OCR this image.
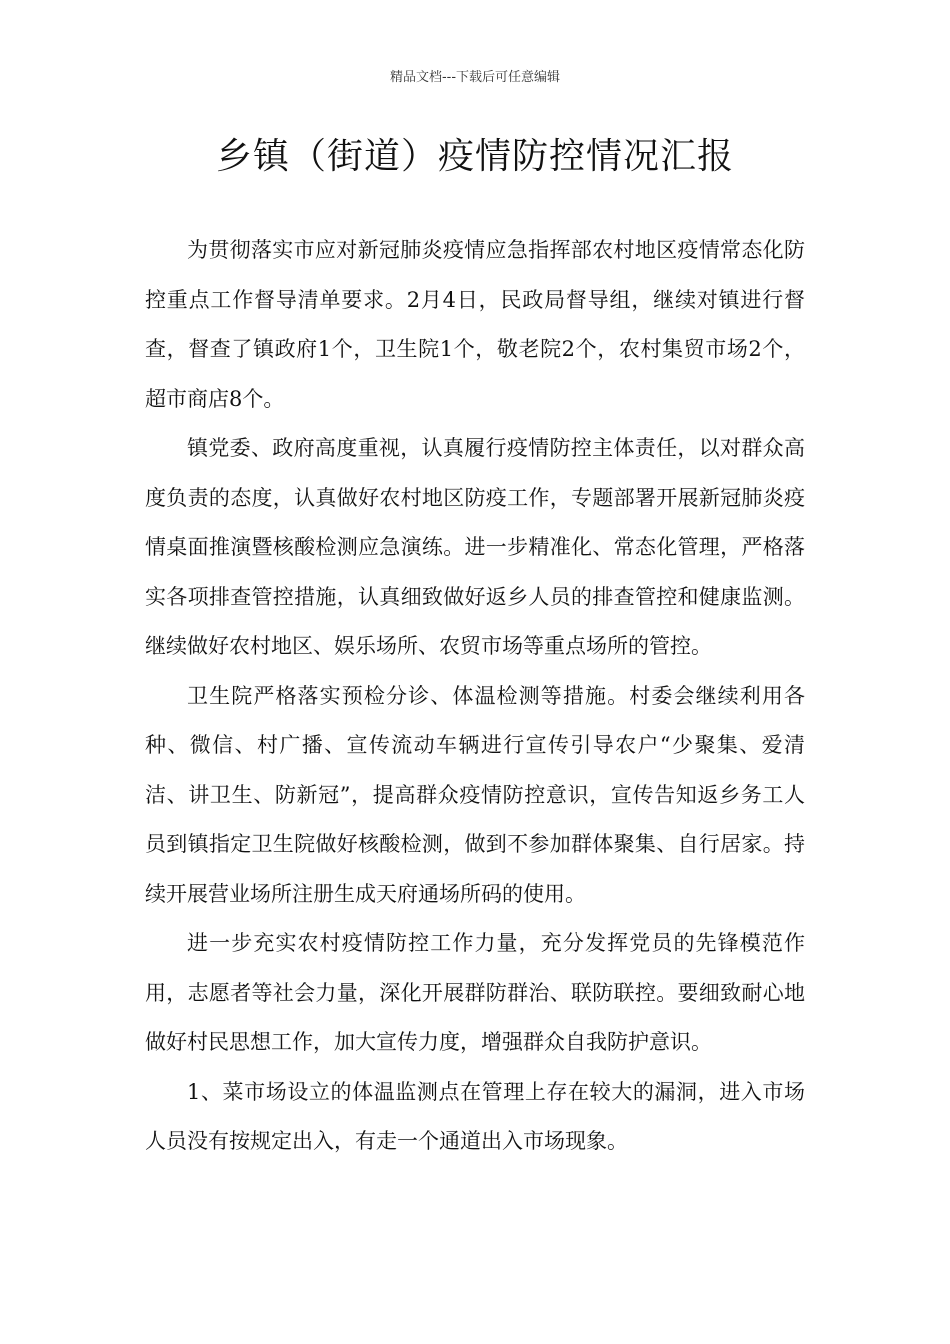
精品文档---下载后可任意编辑
乡镇（街道）疫情防控情况汇报

为贯彻落实市应对新冠肺炎疫情应急指挥部农村地区疫情常态化防控重点工作督导清单要求。2月4日，民政局督导组，继续对镇进行督查，督查了镇政府1个，卫生院1个，敬老院2个，农村集贸市场2个，超市商店8个。

镇党委、政府高度重视，认真履行疫情防控主体责任，以对群众高度负责的态度，认真做好农村地区防疫工作，专题部署开展新冠肺炎疫情桌面推演暨核酸检测应急演练。进一步精准化、常态化管理，严格落实各项排查管控措施，认真细致做好返乡人员的排查管控和健康监测。继续做好农村地区、娱乐场所、农贸市场等重点场所的管控。

卫生院严格落实预检分诊、体温检测等措施。村委会继续利用各种、微信、村广播、宣传流动车辆进行宣传引导农户“少聚集、爱清洁、讲卫生、防新冠”，提高群众疫情防控意识，宣传告知返乡务工人员到镇指定卫生院做好核酸检测，做到不参加群体聚集、自行居家。持续开展营业场所注册生成天府通场所码的使用。

进一步充实农村疫情防控工作力量，充分发挥党员的先锋模范作用，志愿者等社会力量，深化开展群防群治、联防联控。要细致耐心地做好村民思想工作，加大宣传力度，增强群众自我防护意识。

1、菜市场设立的体温监测点在管理上存在较大的漏洞，进入市场人员没有按规定出入，有走一个通道出入市场现象。
